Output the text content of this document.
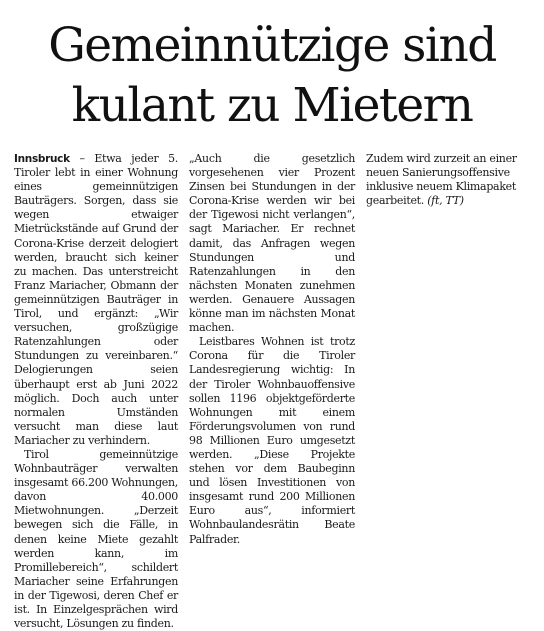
Gemeinnützige sind
kulant zu Mietern

Innsbruck – Etwa jeder 5. Tiroler lebt in einer Wohnung eines gemeinnützigen Bauträgers. Sorgen, dass sie wegen etwaiger Mietrückstände auf Grund der Corona-Krise derzeit delogiert werden, braucht sich keiner zu machen. Das unterstreicht Franz Mariacher, Obmann der gemeinnützigen Bauträger in Tirol, und ergänzt: „Wir versuchen, großzügige Ratenzahlungen oder Stundungen zu vereinbaren.“ Delogierungen seien überhaupt erst ab Juni 2022 möglich. Doch auch unter normalen Umständen versucht man diese laut Mariacher zu verhindern.

Tirol gemeinnützige Wohnbauträger verwalten insgesamt 66.200 Wohnungen, davon 40.000 Mietwohnungen. „Derzeit bewegen sich die Fälle, in denen keine Miete gezahlt werden kann, im Promillebereich“, schildert Mariacher seine Erfahrungen in der Tigewosi, deren Chef er ist. In Einzelgesprächen wird versucht, Lösungen zu finden.

„Auch die gesetzlich vorgesehenen vier Prozent Zinsen bei Stundungen in der Corona-Krise werden wir bei der Tigewosi nicht verlangen“, sagt Mariacher. Er rechnet damit, das Anfragen wegen Stundungen und Ratenzahlungen in den nächsten Monaten zunehmen werden. Genauere Aussagen könne man im nächsten Monat machen.

Leistbares Wohnen ist trotz Corona für die Tiroler Landesregierung wichtig: In der Tiroler Wohnbauoffensive sollen 1196 objektgeförderte Wohnungen mit einem Förderungsvolumen von rund 98 Millionen Euro umgesetzt werden. „Diese Projekte stehen vor dem Baubeginn und lösen Investitionen von insgesamt rund 200 Millionen Euro aus“, informiert Wohnbaulandesrätin Beate Palfrader.

Zudem wird zurzeit an einer neuen Sanierungsoffensive inklusive neuem Klimapaket gearbeitet. (ft, TT)
